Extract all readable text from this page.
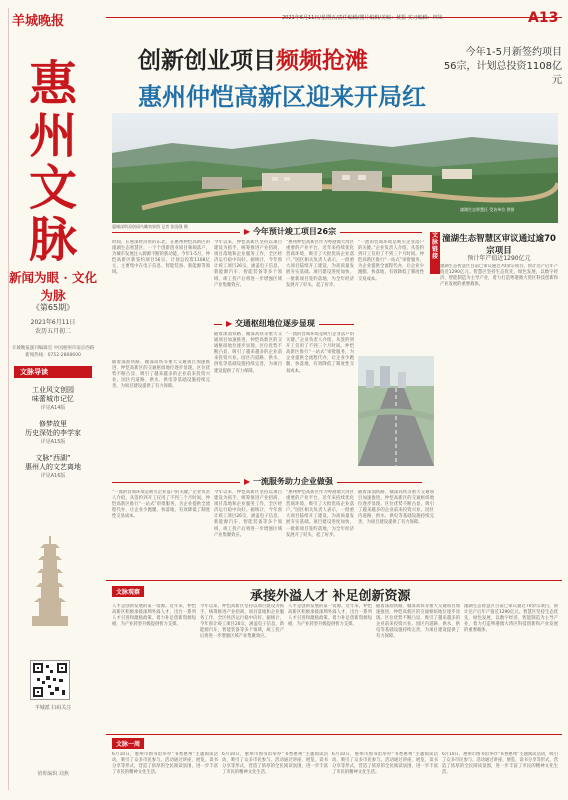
羊城晚报
惠
州
文
脉
新闻为眼 · 文化为脉
《第65期》
2021年6月11日
农历五月初二
羊城晚报副刊编辑室 中国惠州市南京西路 新闻热线：0752-2868600
文脉导读
工业风文创园
味蕾城市记忆
详见A14版
修梦故里
历史深处的李学家
详见A15版
文脉“西湖”
惠州人的文艺离地
详见A16版
羊城派 扫码关注
值班编辑 刘燕
2021年6月11日/星期五/责任编辑/图片编辑/美编：黄振 实习编辑：林凤	A13
创新创业项目频频抢滩
惠州仲恺高新区迎来开局红
今年1-5月新签约项目
56宗，计划总投资1108亿元
惠城深圳双创园鸟瞰效果图 记者 张国强 摄
潼湖生态智慧区 受访单位 供图
▶ 今年预计竣工项目26宗
时间，在惠深经济带的东北，在惠州仲恺高新区的潼湖生态智慧区，一个个创新创业项目频频落户，为城市发展注入源源不断的新动能。今年1-5月，仲恺高新区新签约项目56宗，计划总投资1108亿元，主要集中在电子信息、智能装备、新能源等领域。
今年以来，仲恺高新区坚持以项目建设为抓手，统筹推进产业招商、项目落地和企业服务工作，全区经济运行稳中向好。据统计，今年预计竣工项目26宗，涵盖电子信息、新能源汽车、智能装备等多个领域，竣工投产后将进一步增强区域产业集聚效应。
“惠州仲恺高新区作为粤港澳大湾区重要的产业平台，近年来持续优化营商环境，吸引了大批优质企业落户。”园区相关负责人表示，一批重大项目陆续开工建设，为高质量发展夯实基础。项目建设进度加快，一批新项目签约落地，为全年经济发展开了好头、起了好步。
“一流的营商环境是吸引企业落户的关键。”企业负责人介绍，从签约到开工仅用了不到三个月时间。仲恺高新区推行“一站式”审批服务，为企业提供全流程代办，让企业少跑腿、快落地，有效降低了制度性交易成本。
文脉链接
潼湖生态智慧区审议通过逾70宗项目
预计年产值近1290亿元
潼湖生态智慧区目前已审议通过70余宗项目，预计达产后年产值近1290亿元。智慧区坚持生态优先、绿色发展，以数字经济、智能制造为主导产业，着力打造粤港澳大湾区科技创新和产业发展的重要载体。
▶ 交通枢纽地位逐步显现
随着深汕铁路、赣深高铁等重大交通项目加速推进，仲恺高新区的交通枢纽地位逐步显现。区位优势不断凸显，吸引了越来越多的企业前来投资兴业。园区内道路、供水、供电等基础设施持续完善，为项目建设提供了有力保障。
随着深汕铁路、赣深高铁等重大交通项目加速推进，仲恺高新区的交通枢纽地位逐步显现。区位优势不断凸显，吸引了越来越多的企业前来投资兴业。园区内道路、供水、供电等基础设施持续完善，为项目建设提供了有力保障。
“一流的营商环境是吸引企业落户的关键。”企业负责人介绍，从签约到开工仅用了不到三个月时间。仲恺高新区推行“一站式”审批服务，为企业提供全流程代办，让企业少跑腿、快落地，有效降低了制度性交易成本。
▶ 一流服务助力企业做强
“一流的营商环境是吸引企业落户的关键。”企业负责人介绍，从签约到开工仅用了不到三个月时间。仲恺高新区推行“一站式”审批服务，为企业提供全流程代办，让企业少跑腿、快落地，有效降低了制度性交易成本。
今年以来，仲恺高新区坚持以项目建设为抓手，统筹推进产业招商、项目落地和企业服务工作，全区经济运行稳中向好。据统计，今年预计竣工项目26宗，涵盖电子信息、新能源汽车、智能装备等多个领域，竣工投产后将进一步增强区域产业集聚效应。
“惠州仲恺高新区作为粤港澳大湾区重要的产业平台，近年来持续优化营商环境，吸引了大批优质企业落户。”园区相关负责人表示，一批重大项目陆续开工建设，为高质量发展夯实基础。项目建设进度加快，一批新项目签约落地，为全年经济发展开了好头、起了好步。
随着深汕铁路、赣深高铁等重大交通项目加速推进，仲恺高新区的交通枢纽地位逐步显现。区位优势不断凸显，吸引了越来越多的企业前来投资兴业。园区内道路、供水、供电等基础设施持续完善，为项目建设提供了有力保障。
文脉观察	承接外溢人才 补足创新资源
人才是创新发展的第一资源。近年来，仲恺高新区积极承接深圳外溢人才，出台一系列人才引进和激励政策，着力补足创新资源短板，为产业转型升级提供智力支撑。
今年以来，仲恺高新区坚持以项目建设为抓手，统筹推进产业招商、项目落地和企业服务工作，全区经济运行稳中向好。据统计，今年预计竣工项目26宗，涵盖电子信息、新能源汽车、智能装备等多个领域，竣工投产后将进一步增强区域产业集聚效应。
人才是创新发展的第一资源。近年来，仲恺高新区积极承接深圳外溢人才，出台一系列人才引进和激励政策，着力补足创新资源短板，为产业转型升级提供智力支撑。
随着深汕铁路、赣深高铁等重大交通项目加速推进，仲恺高新区的交通枢纽地位逐步显现。区位优势不断凸显，吸引了越来越多的企业前来投资兴业。园区内道路、供水、供电等基础设施持续完善，为项目建设提供了有力保障。
潼湖生态智慧区目前已审议通过70余宗项目，预计达产后年产值近1290亿元。智慧区坚持生态优先、绿色发展，以数字经济、智能制造为主导产业，着力打造粤港澳大湾区科技创新和产业发展的重要载体。
文脉一周
6月10日，惠州市图书馆举办“书香惠州”主题阅读活动，吸引了众多市民参与。活动通过讲座、展览、读书分享等形式，营造了浓厚的全民阅读氛围，进一步丰富了市民的精神文化生活。
6月10日，惠州市图书馆举办“书香惠州”主题阅读活动，吸引了众多市民参与。活动通过讲座、展览、读书分享等形式，营造了浓厚的全民阅读氛围，进一步丰富了市民的精神文化生活。
6月10日，惠州市图书馆举办“书香惠州”主题阅读活动，吸引了众多市民参与。活动通过讲座、展览、读书分享等形式，营造了浓厚的全民阅读氛围，进一步丰富了市民的精神文化生活。
6月10日，惠州市图书馆举办“书香惠州”主题阅读活动，吸引了众多市民参与。活动通过讲座、展览、读书分享等形式，营造了浓厚的全民阅读氛围，进一步丰富了市民的精神文化生活。
